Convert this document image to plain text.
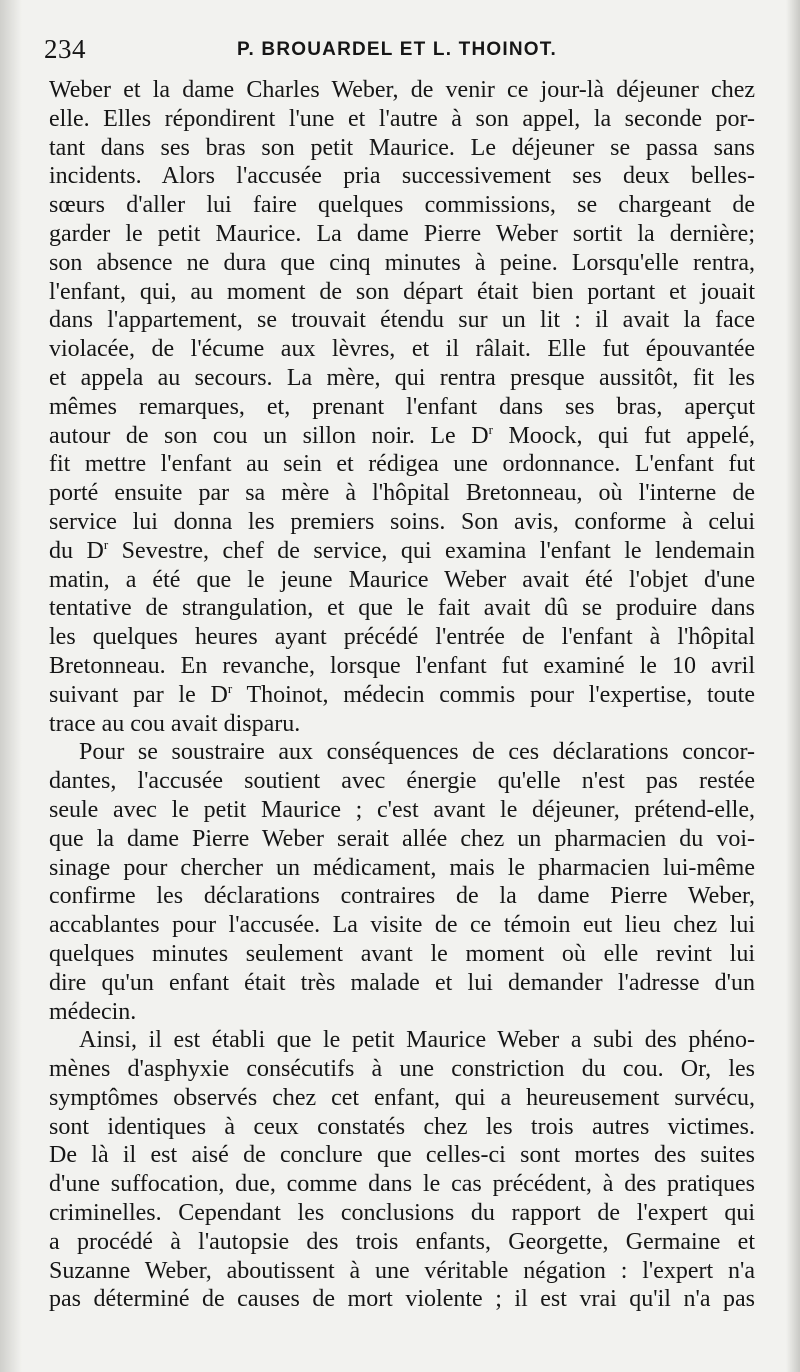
234	P. BROUARDEL ET L. THOINOT.
Weber et la dame Charles Weber, de venir ce jour-là déjeuner chez
elle. Elles répondirent l'une et l'autre à son appel, la seconde por-
tant dans ses bras son petit Maurice. Le déjeuner se passa sans
incidents. Alors l'accusée pria successivement ses deux belles-
sœurs d'aller lui faire quelques commissions, se chargeant de
garder le petit Maurice. La dame Pierre Weber sortit la dernière;
son absence ne dura que cinq minutes à peine. Lorsqu'elle rentra,
l'enfant, qui, au moment de son départ était bien portant et jouait
dans l'appartement, se trouvait étendu sur un lit : il avait la face
violacée, de l'écume aux lèvres, et il râlait. Elle fut épouvantée
et appela au secours. La mère, qui rentra presque aussitôt, fit les
mêmes remarques, et, prenant l'enfant dans ses bras, aperçut
autour de son cou un sillon noir. Le $D^r$ Moock, qui fut appelé,
fit mettre l'enfant au sein et rédigea une ordonnance. L'enfant fut
porté ensuite par sa mère à l'hôpital Bretonneau, où l'interne de
service lui donna les premiers soins. Son avis, conforme à celui
du $D^r$ Sevestre, chef de service, qui examina l'enfant le lendemain
matin, a été que le jeune Maurice Weber avait été l'objet d'une
tentative de strangulation, et que le fait avait dû se produire dans
les quelques heures ayant précédé l'entrée de l'enfant à l'hôpital
Bretonneau. En revanche, lorsque l'enfant fut examiné le 10 avril
suivant par le $D^r$ Thoinot, médecin commis pour l'expertise, toute
trace au cou avait disparu.
Pour se soustraire aux conséquences de ces déclarations concor-
dantes, l'accusée soutient avec énergie qu'elle n'est pas restée
seule avec le petit Maurice ; c'est avant le déjeuner, prétend-elle,
que la dame Pierre Weber serait allée chez un pharmacien du voi-
sinage pour chercher un médicament, mais le pharmacien lui-même
confirme les déclarations contraires de la dame Pierre Weber,
accablantes pour l'accusée. La visite de ce témoin eut lieu chez lui
quelques minutes seulement avant le moment où elle revint lui
dire qu'un enfant était très malade et lui demander l'adresse d'un
médecin.
Ainsi, il est établi que le petit Maurice Weber a subi des phéno-
mènes d'asphyxie consécutifs à une constriction du cou. Or, les
symptômes observés chez cet enfant, qui a heureusement survécu,
sont identiques à ceux constatés chez les trois autres victimes.
De là il est aisé de conclure que celles-ci sont mortes des suites
d'une suffocation, due, comme dans le cas précédent, à des pratiques
criminelles. Cependant les conclusions du rapport de l'expert qui
a procédé à l'autopsie des trois enfants, Georgette, Germaine et
Suzanne Weber, aboutissent à une véritable négation : l'expert n'a
pas déterminé de causes de mort violente ; il est vrai qu'il n'a pas
